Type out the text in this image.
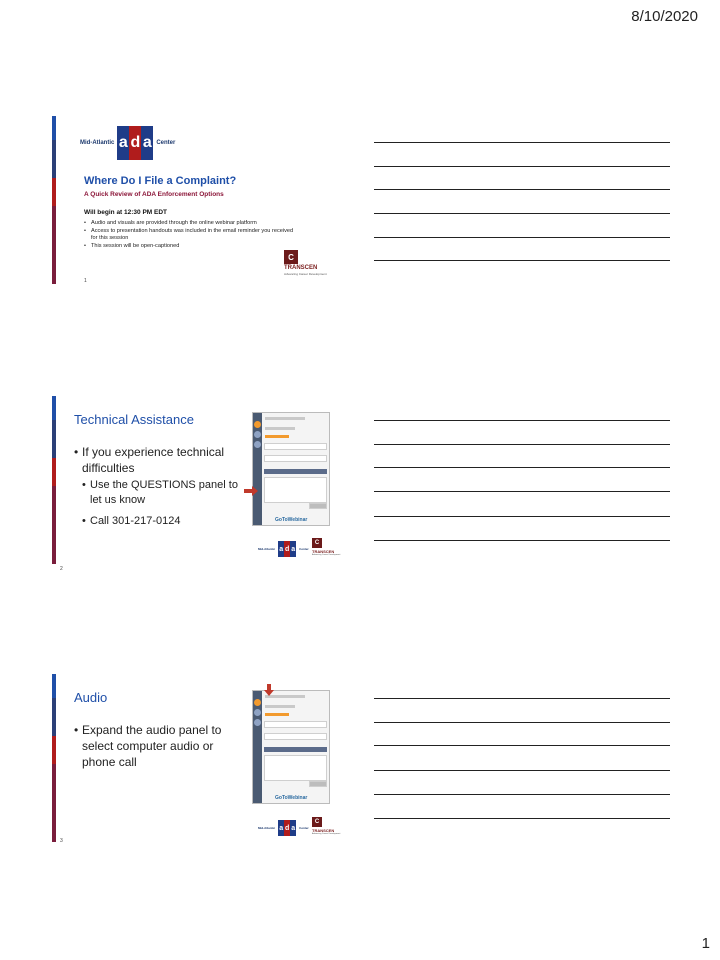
8/10/2020
Mid-Atlantic a d a Center
Where Do I File a Complaint?
A Quick Review of ADA Enforcement Options
Will begin at 12:30 PM EDT
• Audio and visuals are provided through the online webinar platform
• Access to presentation handouts was included in the email reminder you received for this session
• This session will be open-captioned
C
TRANSCEN
Advancing Career Development
1
Technical Assistance
• If you experience technical difficulties
• Use the QUESTIONS panel to let us know
• Call 301-217-0124	GoToWebinar
Mid-Atlantic a d a	Center
C
TRANSCEN
Advancing Career Development
2
Audio
• Expand the audio panel to select computer audio or phone call
GoToWebinar
Mid-Atlantic a d a	Center
C
TRANSCEN
Advancing Career Development
3
1
